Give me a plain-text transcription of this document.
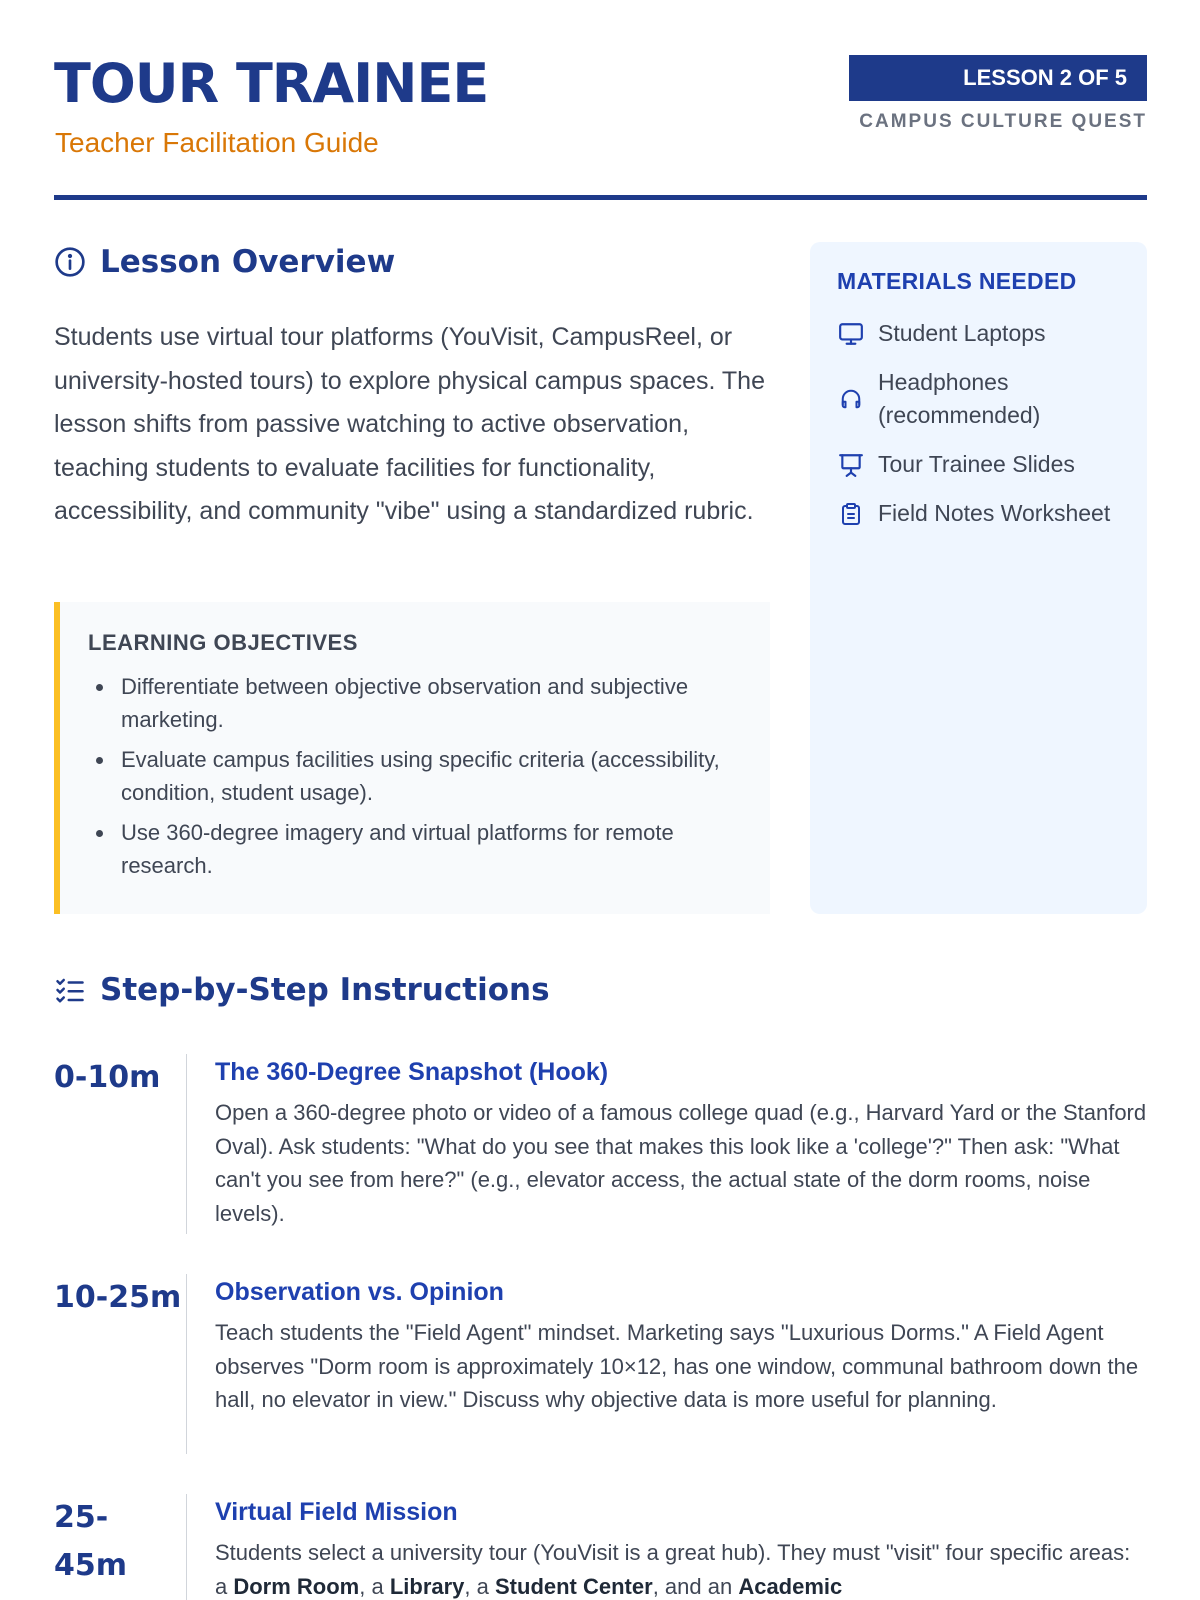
TOUR TRAINEE
Teacher Facilitation Guide
LESSON 2 OF 5
CAMPUS CULTURE QUEST
Lesson Overview

Students use virtual tour platforms (YouVisit, CampusReel, or university-hosted tours) to explore physical campus spaces. The lesson shifts from passive watching to active observation, teaching students to evaluate facilities for functionality, accessibility, and community "vibe" using a standardized rubric.

LEARNING OBJECTIVES
Differentiate between objective observation and subjective marketing.
Evaluate campus facilities using specific criteria (accessibility, condition, student usage).
Use 360-degree imagery and virtual platforms for remote research.
MATERIALS NEEDED
Student Laptops
Headphones (recommended)
Tour Trainee Slides
Field Notes Worksheet
Step-by-Step Instructions
0-10m	The 360-Degree Snapshot (Hook)

Open a 360-degree photo or video of a famous college quad (e.g., Harvard Yard or the Stanford Oval). Ask students: "What do you see that makes this look like a 'college'?" Then ask: "What can't you see from here?" (e.g., elevator access, the actual state of the dorm rooms, noise levels).

10-25m Observation vs. Opinion

Teach students the "Field Agent" mindset. Marketing says "Luxurious Dorms." A Field Agent observes "Dorm room is approximately 10×12, has one window, communal bathroom down the hall, no elevator in view." Discuss why objective data is more useful for planning.

25-45m
Virtual Field Mission

Students select a university tour (YouVisit is a great hub). They must "visit" four specific areas: a Dorm Room, a Library, a Student Center, and an Academic
